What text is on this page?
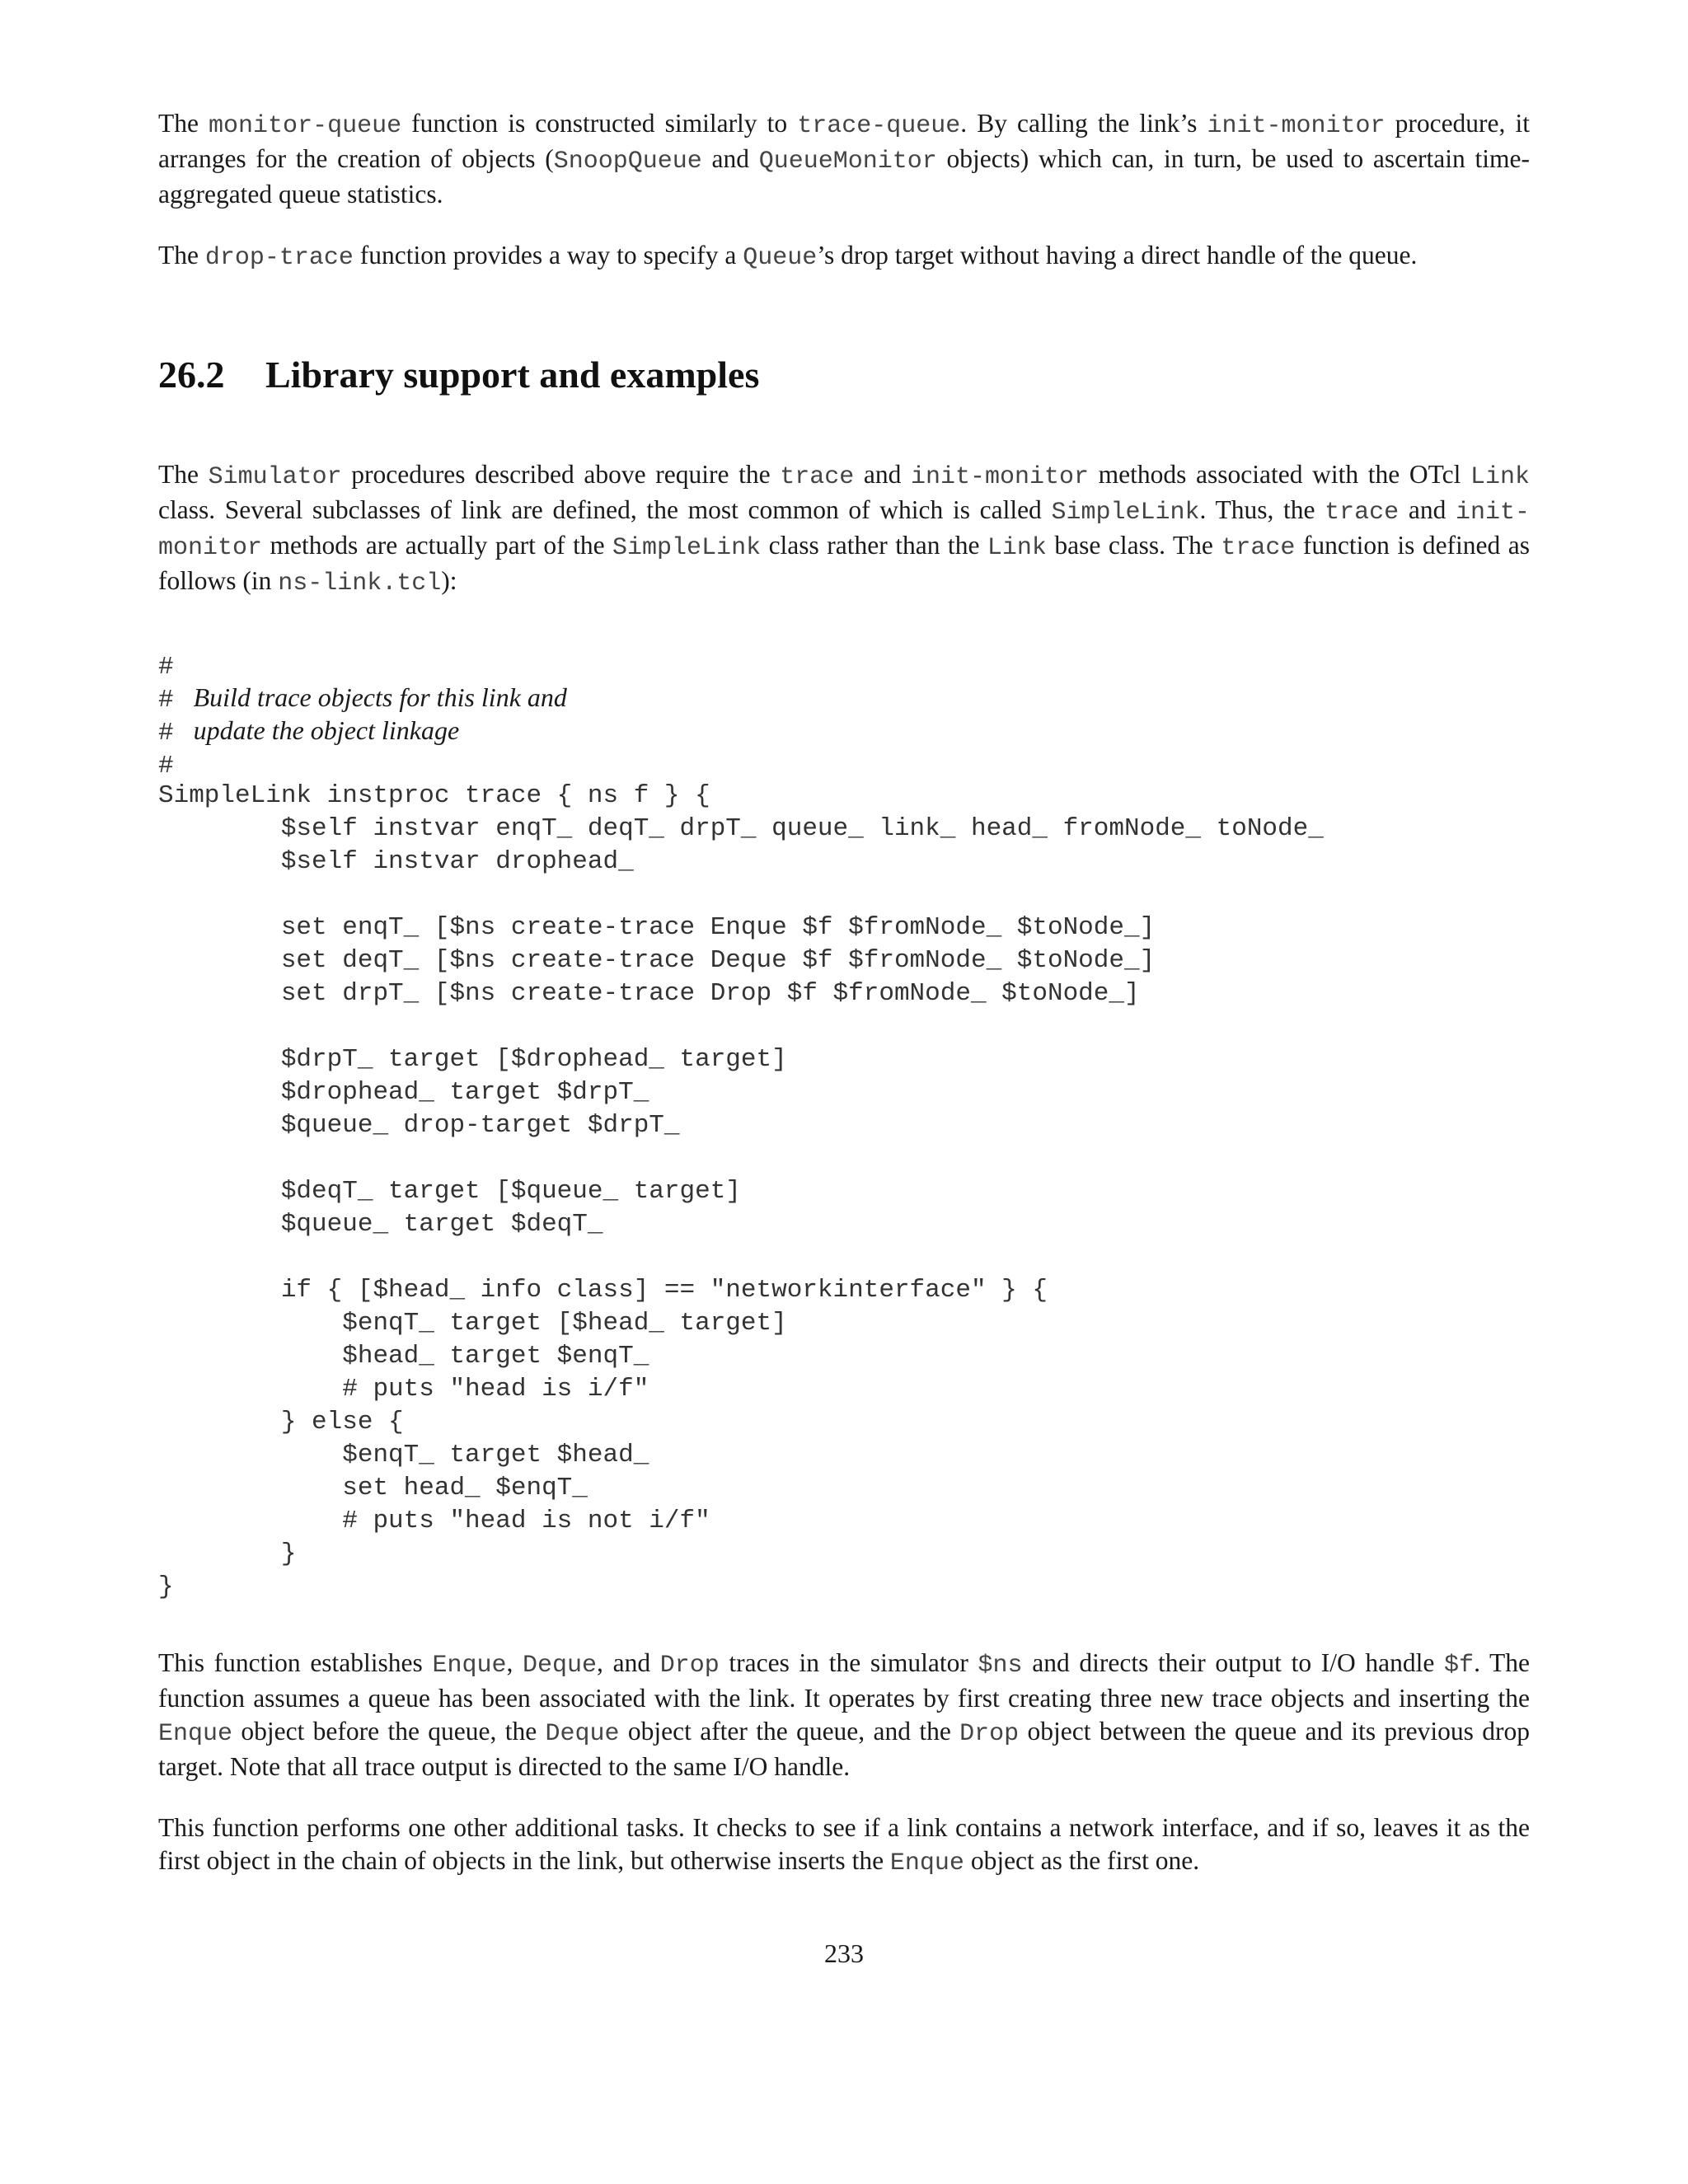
The monitor-queue function is constructed similarly to trace-queue. By calling the link’s init-monitor procedure, it arranges for the creation of objects (SnoopQueue and QueueMonitor objects) which can, in turn, be used to ascertain time-aggregated queue statistics.

The drop-trace function provides a way to specify a Queue’s drop target without having a direct handle of the queue.

26.2 Library support and examples

The Simulator procedures described above require the trace and init-monitor methods associated with the OTcl Link class. Several subclasses of link are defined, the most common of which is called SimpleLink. Thus, the trace and init-monitor methods are actually part of the SimpleLink class rather than the Link base class. The trace function is defined as follows (in ns-link.tcl):

#
# Build trace objects for this link and
# update the object linkage
#
SimpleLink instproc trace { ns f } {
$self instvar enqT_ deqT_ drpT_ queue_ link_ head_ fromNode_ toNode_
$self instvar drophead_
set enqT_ [$ns create-trace Enque $f $fromNode_ $toNode_]
set deqT_ [$ns create-trace Deque $f $fromNode_ $toNode_]
set drpT_ [$ns create-trace Drop $f $fromNode_ $toNode_]
$drpT_ target [$drophead_ target]
$drophead_ target $drpT_
$queue_ drop-target $drpT_
$deqT_ target [$queue_ target]
$queue_ target $deqT_
if { [$head_ info class] == "networkinterface" } {
$enqT_ target [$head_ target]
$head_ target $enqT_
# puts "head is i/f"
} else {
$enqT_ target $head_
set head_ $enqT_
# puts "head is not i/f"
}
}

This function establishes Enque, Deque, and Drop traces in the simulator $ns and directs their output to I/O handle $f. The function assumes a queue has been associated with the link. It operates by first creating three new trace objects and inserting the Enque object before the queue, the Deque object after the queue, and the Drop object between the queue and its previous drop target. Note that all trace output is directed to the same I/O handle.

This function performs one other additional tasks. It checks to see if a link contains a network interface, and if so, leaves it as the first object in the chain of objects in the link, but otherwise inserts the Enque object as the first one.

233
